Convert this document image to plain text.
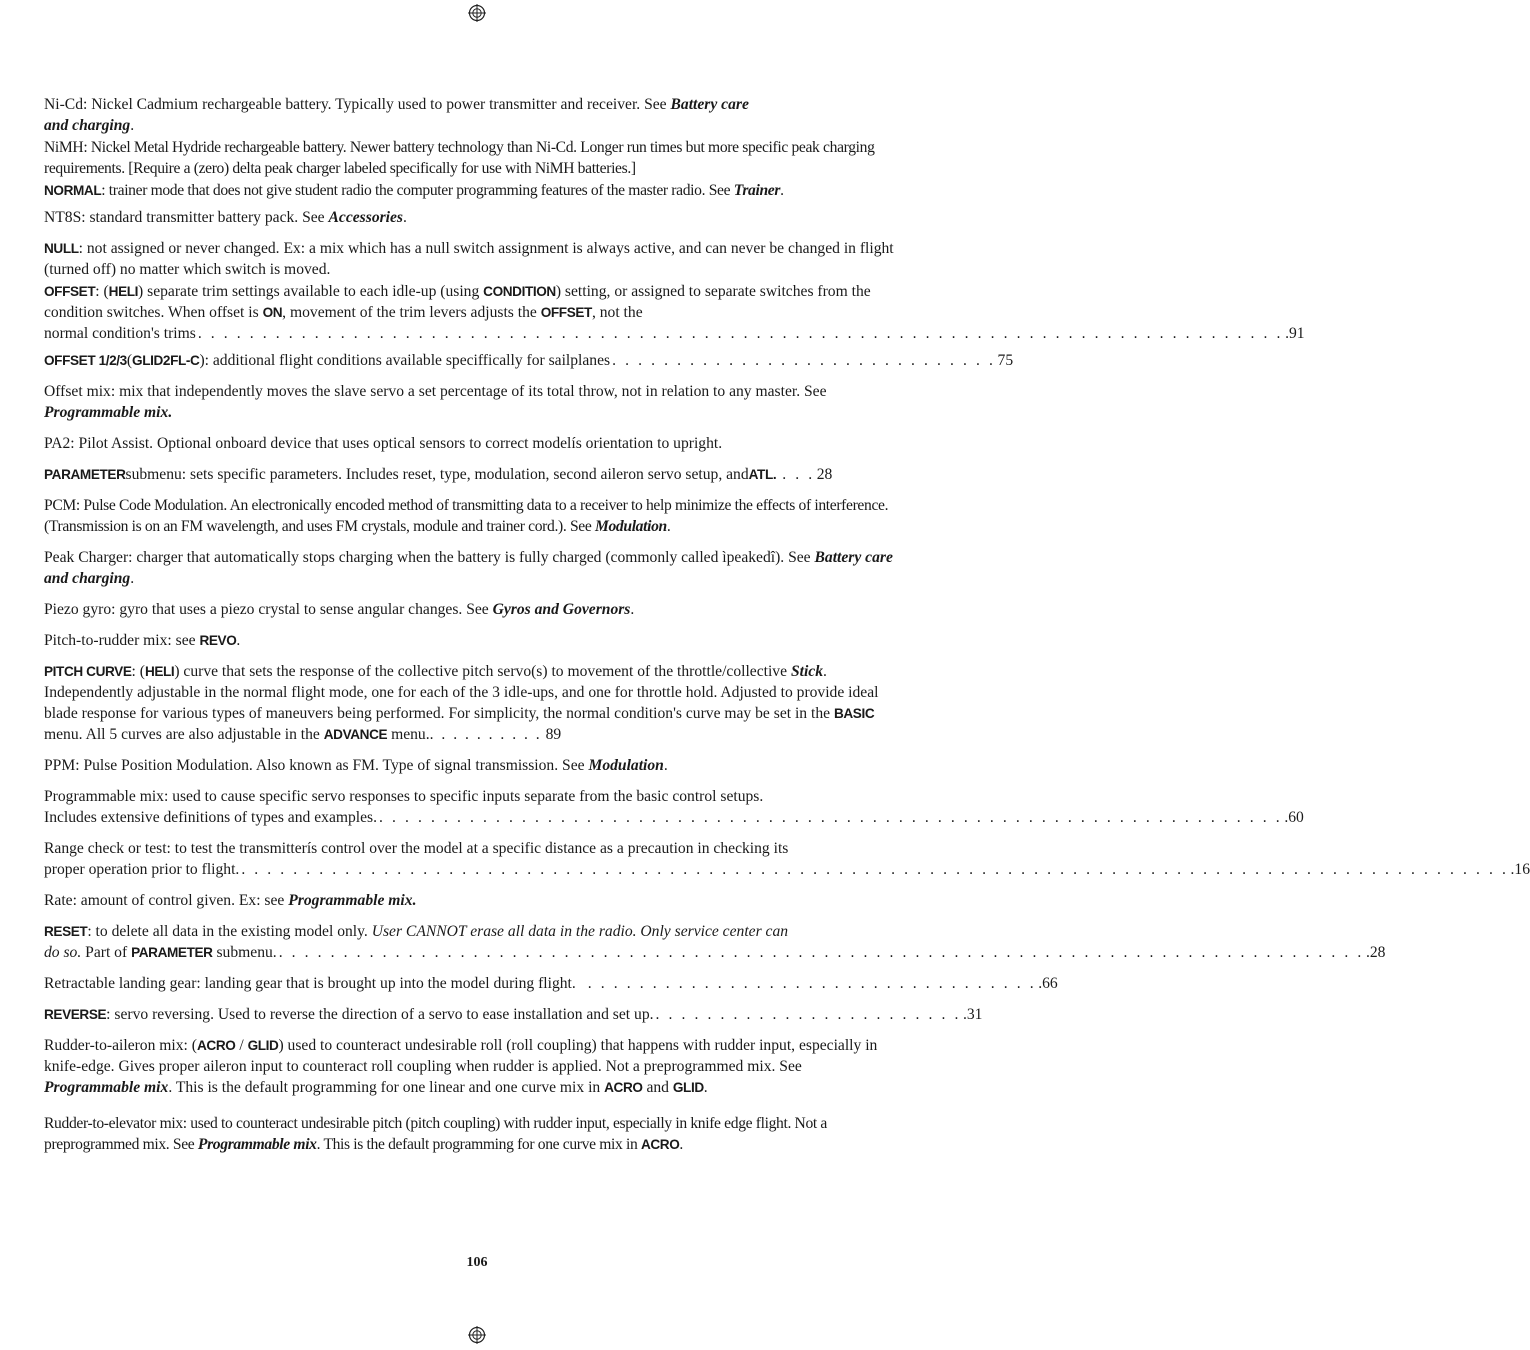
Ni-Cd: Nickel Cadmium rechargeable battery. Typically used to power transmitter and receiver. See Battery care
and charging.

NiMH: Nickel Metal Hydride rechargeable battery. Newer battery technology than Ni-Cd. Longer run times but more specific peak charging requirements. [Require a (zero) delta peak charger labeled specifically for use with NiMH batteries.]

NORMAL: trainer mode that does not give student radio the computer programming features of the master radio. See Trainer.

NT8S: standard transmitter battery pack. See Accessories.

NULL: not assigned or never changed. Ex: a mix which has a null switch assignment is always active, and can never be changed in flight (turned off) no matter which switch is moved.

OFFSET: (HELI) separate trim settings available to each idle-up (using CONDITION) setting, or assigned to separate switches from the condition switches. When offset is ON, movement of the trim levers adjusts the OFFSET, not the
normal condition's trims . . . . . . . . . . . . . . . . . . . . . . . . . . . . . . . . . . . . . . . . . . . . . . . . . . . . . . . . . . . . . . . . . . . . . . . . . . . . . . . . . . . . .91
OFFSET 1/2/3 ( GLID2FL-C ): additional flight conditions available speciffically for sailplanes . . . . . . . . . . . . . . . . . . . . . . . . . . . . . . 75

Offset mix: mix that independently moves the slave servo a set percentage of its total throw, not in relation to any master. See Programmable mix.

PA2: Pilot Assist. Optional onboard device that uses optical sensors to correct modelís orientation to upright.

PARAMETER submenu: sets specific parameters. Includes reset, type, modulation, second aileron servo setup, and ATL. . . . 28

PCM: Pulse Code Modulation. An electronically encoded method of transmitting data to a receiver to help minimize the effects of interference. (Transmission is on an FM wavelength, and uses FM crystals, module and trainer cord.). See Modulation.

Peak Charger: charger that automatically stops charging when the battery is fully charged (commonly called ìpeakedî). See Battery care and charging.

Piezo gyro: gyro that uses a piezo crystal to sense angular changes. See Gyros and Governors.

Pitch-to-rudder mix: see REVO.

PITCH CURVE: (HELI) curve that sets the response of the collective pitch servo(s) to movement of the throttle/collective Stick. Independently adjustable in the normal flight mode, one for each of the 3 idle-ups, and one for throttle hold. Adjusted to provide ideal blade response for various types of maneuvers being performed. For simplicity, the normal condition's curve may be set in the BASIC menu. All 5 curves are also adjustable in the ADVANCE menu.. . . . . . . . . . 89

PPM: Pulse Position Modulation. Also known as FM. Type of signal transmission. See Modulation.

Programmable mix: used to cause specific servo responses to specific inputs separate from the basic control setups.
Includes extensive definitions of types and examples. . . . . . . . . . . . . . . . . . . . . . . . . . . . . . . . . . . . . . . . . . . . . . . . . . . . . . . . . . . . . . . . . . . . . . . .60
Range check or test: to test the transmitterís control over the model at a specific distance as a precaution in checking its
proper operation prior to flight. . . . . . . . . . . . . . . . . . . . . . . . . . . . . . . . . . . . . . . . . . . . . . . . . . . . . . . . . . . . . . . . . . . . . . . . . . . . . . . . . . . . . . . . . . . . . . . . . . . .16

Rate: amount of control given. Ex: see Programmable mix.

RESET: to delete all data in the existing model only. User CANNOT erase all data in the radio. Only service center can
do so. Part of PARAMETER submenu. . . . . . . . . . . . . . . . . . . . . . . . . . . . . . . . . . . . . . . . . . . . . . . . . . . . . . . . . . . . . . . . . . . . . . . . . . . . . . . . . . . . . .28
Retractable landing gear: landing gear that is brought up into the model during flight. . . . . . . . . . . . . . . . . . . . . . . . . . . . . . . . . . . . .66
REVERSE : servo reversing. Used to reverse the direction of a servo to ease installation and set up. . . . . . . . . . . . . . . . . . . . . . . . . .31

Rudder-to-aileron mix: (ACRO / GLID) used to counteract undesirable roll (roll coupling) that happens with rudder input, especially in knife-edge. Gives proper aileron input to counteract roll coupling when rudder is applied. Not a preprogrammed mix. See Programmable mix. This is the default programming for one linear and one curve mix in ACRO and GLID.

Rudder-to-elevator mix: used to counteract undesirable pitch (pitch coupling) with rudder input, especially in knife edge flight. Not a preprogrammed mix. See Programmable mix. This is the default programming for one curve mix in ACRO.

106
